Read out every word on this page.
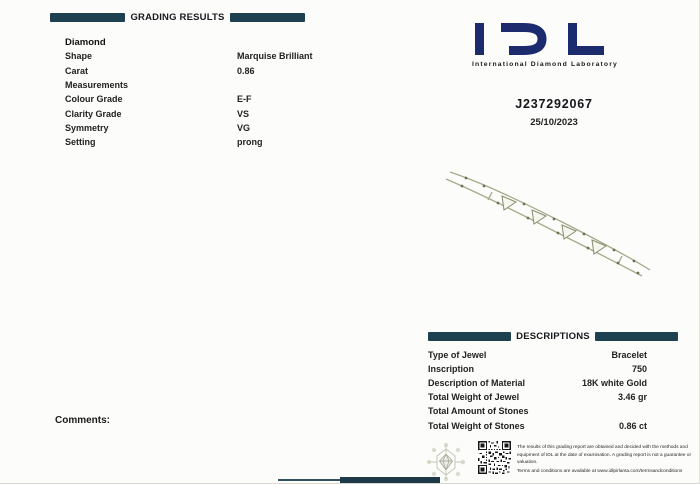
GRADING RESULTS
Diamond
Shape	Marquise Brilliant
Carat	0.86
Measurements
Colour Grade	E-F
Clarity Grade	VS
Symmetry	VG
Setting	prong
International Diamond Laboratory
J237292067
25/10/2023
DESCRIPTIONS
Type of Jewel	Bracelet
Inscription	750
Description of Material	18K white Gold
Total Weight of Jewel	3.46 gr
Total Amount of Stones
Total Weight of Stones	0.86 ct
Comments:

The results of this grading report are obtained and decided with the methods and equipment of IDL at the date of examination. A grading report is not a guarantee or valuation.

Terms and conditions are available at www.idlpirlanta.com/termsandconditions
